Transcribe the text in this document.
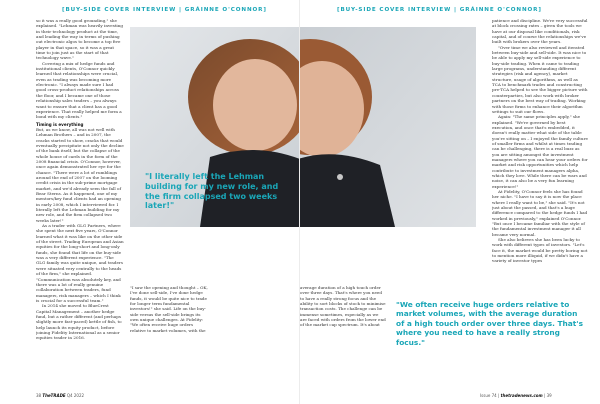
[BUY-SIDE COVER INTERVIEW | GRÁINNE O'CONNOR]

so it was a really good grounding," she explained. "Lehman was heavily investing in their technology product at the time, and leading the way in terms of pushing out electronic algos to become a top five player in that space, so it was a great time to join just as the start of that technology wave."

Covering a mix of hedge funds and institutional clients, O'Connor quickly learned that relationships were crucial, even as trading was becoming more electronic. "I always made sure I had good cross-product relationships across the floor, and I became one of those relationship sales traders – you always want to ensure that a client has a good experience. That really helped me form a bond with my clients."

Timing is everything

But, as we know, all was not well with Lehman Brothers – and in 2007, the cracks started to show, cracks that would eventually precipitate not only the decline of the bank itself, but the collapse of the whole house of cards in the form of the 2008 financial crisis. O'Connor, however, once again demonstrated her eye for the chance. "There were a lot of rumblings around the end of 2007 on the looming credit crisis in the sub-prime mortgage market, and we'd already seen the fall of Bear Sterns. As it happened, one of my mentors/key fund clients had an opening in early 2008, which I interviewed for. I literally left the Lehman building for my new role, and the firm collapsed two weeks later!"

As a trader with GLG Partners, where she spent the next five years, O'Connor learned what it was like on the other side of the street. Trading European and Asian equities for the long-short and long-only funds, she found that life on the buy-side was a very different experience. "The GLG family was quite unique, and traders were situated very centrally to the heads of the firm," she explained. "Communication was absolutely key, and there was a lot of really genuine collaboration between traders, fund managers, risk managers – which I think is crucial for a successful team."

In 2014 she moved to BlueCrest Capital Management – another hedge fund, but a rather different (and perhaps slightly more fast-paced) kettle of fish, to help launch its equity product, before joining Fidelity International as a senior equities trader in 2016.

"I literally left the Lehman building for my new role, and the firm collapsed two weeks later!"

"I saw the opening and thought – OK, I've done sell-side, I've done hedge funds, it would be quite nice to trade for longer term fundamental investors!" she said. Life on the buy-side versus the sell-side brings its own unique challenges. At Fidelity: "We often receive huge orders relative to market volumes, with the

38 TheTRADE Q4 2022
[BUY-SIDE COVER INTERVIEW | GRÁINNE O'CONNOR]

patience and discipline. We're very successful at block crossing rates – given the tools we have at our disposal like conditionals, risk capital, and of course the relationships we've built with brokers over the years.

"Over time we also reviewed and iterated between buy-side and sell-side. It was nice to be able to apply my sell-side experience to buy-side trading. When it came to trading large programs, understanding different strategies (risk and agency), market structure, usage of algorithms, as well as TCA to benchmark trades and constructing pre-TCA helped to see the bigger picture with counterparties, but also work with broker partners on the best way of trading. Working with those firms to enhance their algorithm settings to suit our flows.

Again: "The same principles apply," she explained. "We're governed by best execution, and once that's embedded, it doesn't really matter what side of the table you're sitting on – I enjoyed the family culture of smaller firms and whilst at times trading can be challenging, there is a real buzz as you are sitting amongst the investment managers where you can hear your orders for market and risk opportunities which help contribute to investment managers alpha, which they love. While there can be wars and noise, it can also be a very fun learning experience!"

At Fidelity, O'Connor feels she has found her niche. "I have to say it is now the place where I really want to be," she said. "It's not just about the passed, and that's a huge difference compared to the hedge funds I had worked in previously," explained O'Connor. "But once I became familiar with the style of the fundamental investment manager it all became very normal.

She also believes she has been lucky to work with different types of investors. "Let's face it, the market would be pretty boring not to mention more illiquid, if we didn't have a variety of investor types

average duration of a high touch order over three days. That's where you need to have a really strong focus and the ability to sort blocks of stock to minimise transaction costs. The challenge can be immense sometimes, especially as we are faced with orders from the lower end of the market cap spectrum. It's about

"We often receive huge orders relative to market volumes, with the average duration of a high touch order over three days. That's where you need to have a really strong focus."
Issue 74 | thetradenews.com | 39
